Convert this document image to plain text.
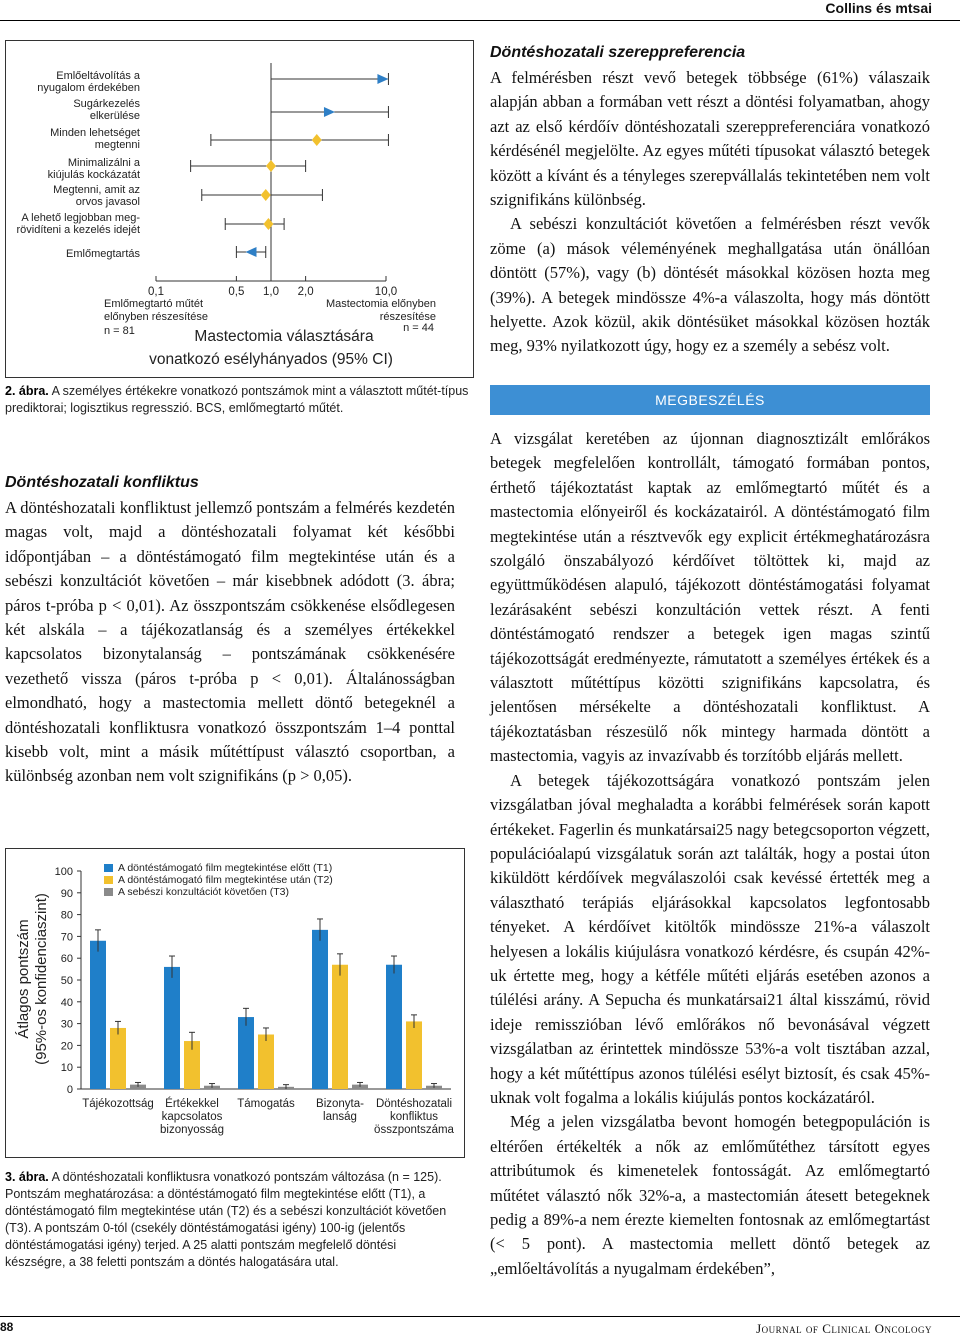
Collins és mtsai
0,1	0,5 1,0 2,0	10,0
Emlőeltávolítás a nyugalom érdekében
Sugárkezelés elkerülése
Minden lehetséget megtenni
Minimalizálni a kiújulás kockázatát
Megtenni, amit az orvos javasol
A lehető legjobban meg-rövidíteni a kezelés idejét
Emlőmegtartás
Emlőmegtartó műtét előnyben részesítése
n = 81
Mastectomia előnyben részesítése
n = 44
Mastectomia választására
vonatkozó esélyhányados (95% CI)
2. ábra. A személyes értékekre vonatkozó pontszámok mint a választott műtét-típus prediktorai; logisztikus regresszió. BCS, emlőmegtartó műtét.
Döntéshozatali konfliktus

A döntéshozatali konfliktust jellemző pontszám a felmérés kezdetén magas volt, majd a döntéshozatali folyamat két későbbi időpontjában – a döntéstámogató film megtekintése után és a sebészi konzultációt követően – már kisebbnek adódott (3. ábra; páros t-próba p < 0,01). Az összpontszám csökkenése elsődlegesen két alskála – a tájékozatlanság és a személyes értékekkel kapcsolatos bizonytalanság – pontszámának csökkenésére vezethető vissza (páros t-próba p < 0,01). Általánosságban elmondható, hogy a mastectomia mellett döntő betegeknél a döntéshozatali konfliktusra vonatkozó összpontszám 1–4 ponttal kisebb volt, mint a másik műtéttípust választó csoportban, a különbség azonban nem volt szignifikáns (p > 0,05).

0
10
20
30
40
50
60
70
80
90
100
Átlagos pontszám (95%-os konfidenciaszint)
Tájékozottság Értékekkel kapcsolatos bizonyosság
Támogatás Bizonyta-lanság
Döntéshozatali konfliktus összpontszáma
A döntéstámogató film megtekintése előtt (T1)
A döntéstámogató film megtekintése után (T2)
A sebészi konzultációt követően (T3)
3. ábra. A döntéshozatali konfliktusra vonatkozó pontszám változása (n = 125). Pontszám meghatározása: a döntéstámogató film megtekintése előtt (T1), a döntéstámogató film megtekintése után (T2) és a sebészi konzultációt követően (T3). A pontszám 0-tól (csekély döntéstámogatási igény) 100-ig (jelentős döntéstámogatási igény) terjed. A 25 alatti pontszám megfelelő döntési készségre, a 38 feletti pontszám a döntés halogatására utal.
Döntéshozatali szereppreferencia

A felmérésben részt vevő betegek többsége (61%) válaszaik alapján abban a formában vett részt a döntési folyamatban, ahogy azt az első kérdőív döntéshozatali szereppreferenciára vonatkozó kérdésénél megjelölte. Az egyes műtéti típusokat választó betegek között a kívánt és a tényleges szerepvállalás tekintetében nem volt szignifikáns különbség.

A sebészi konzultációt követően a felmérésben részt vevők zöme (a) mások véleményének meghallgatása után önállóan döntött (57%), vagy (b) döntését másokkal közösen hozta meg (39%). A betegek mindössze 4%-a válaszolta, hogy más döntött helyette. Azok közül, akik döntésüket másokkal közösen hozták meg, 93% nyilatkozott úgy, hogy ez a személy a sebész volt.

MEGBESZÉLÉS

A vizsgálat keretében az újonnan diagnosztizált emlőrákos betegek megfelelően kontrollált, támogató formában pontos, érthető tájékoztatást kaptak az emlőmegtartó műtét és a mastectomia előnyeiről és kockázatairól. A döntéstámogató film megtekintése után a résztvevők egy explicit értékmeghatározásra szolgáló önszabályozó kérdőívet töltöttek ki, majd az együttműködésen alapuló, tájékozott döntéstámogatási folyamat lezárásaként sebészi konzultáción vettek részt. A fenti döntéstámogató rendszer a betegek igen magas szintű tájékozottságát eredményezte, rámutatott a személyes értékek és a választott műtéttípus közötti szignifikáns kapcsolatra, és jelentősen mérsékelte a döntéshozatali konfliktust. A tájékoztatásban részesülő nők mintegy harmada döntött a mastectomia, vagyis az invazívabb és torzítóbb eljárás mellett.

A betegek tájékozottságára vonatkozó pontszám jelen vizsgálatban jóval meghaladta a korábbi felmérések során kapott értékeket. Fagerlin és munkatársai25 nagy betegcsoporton végzett, populációalapú vizsgálatuk során azt találták, hogy a postai úton kiküldött kérdőívek megválaszolói csak kevéssé értették meg a választható terápiás eljárásokkal kapcsolatos legfontosabb tényeket. A kérdőívet kitöltők mindössze 21%-a válaszolt helyesen a lokális kiújulásra vonatkozó kérdésre, és csupán 42%-uk értette meg, hogy a kétféle műtéti eljárás esetében azonos a túlélési arány. A Sepucha és munkatársai21 által kisszámú, rövid ideje remisszióban lévő emlőrákos nő bevonásával végzett vizsgálatban az érintettek mindössze 53%-a volt tisztában azzal, hogy a két műtéttípus azonos túlélési esélyt biztosít, és csak 45%-uknak volt fogalma a lokális kiújulás pontos kockázatáról.

Még a jelen vizsgálatba bevont homogén betegpopuláción is eltérően értékelték a nők az emlőműtéthez társított egyes attribútumok és kimenetelek fontosságát. Az emlőmegtartó műtétet választó nők 32%-a, a mastectomián átesett betegeknek pedig a 89%-a nem érezte kiemelten fontosnak az emlőmegtartást (< 5 pont). A mastectomia mellett döntő betegek az „emlőeltávolítás a nyugalmam érdekében”,

88	Journal of Clinical Oncology
